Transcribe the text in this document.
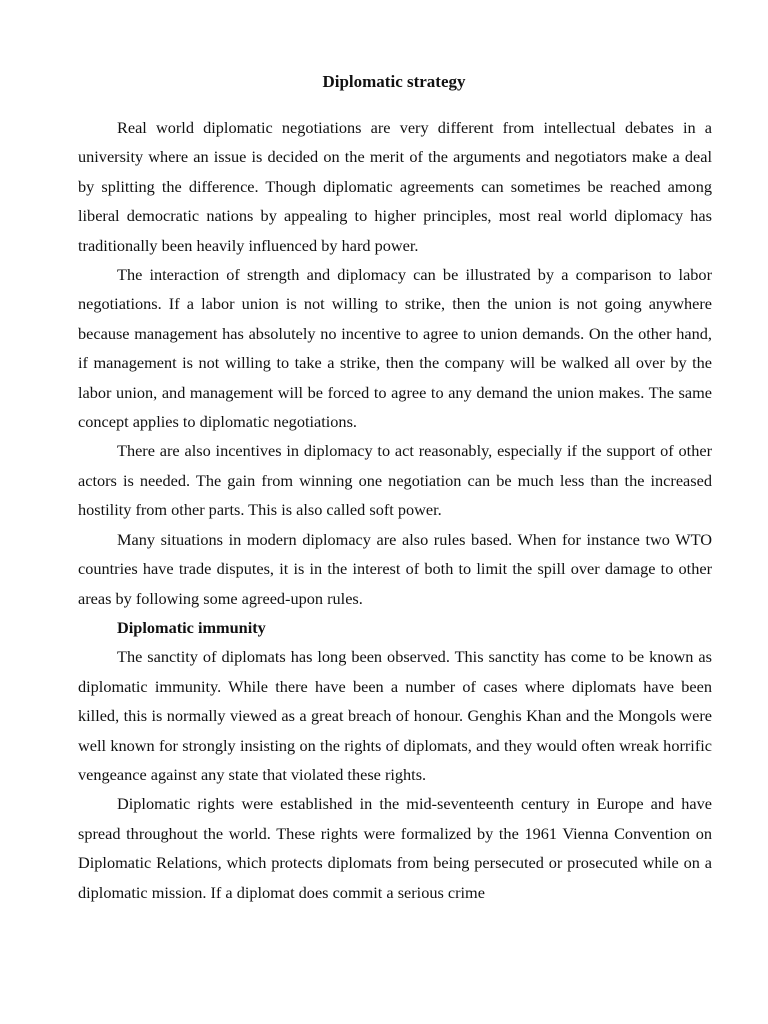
Diplomatic strategy

Real world diplomatic negotiations are very different from intellectual debates in a university where an issue is decided on the merit of the arguments and negotiators make a deal by splitting the difference. Though diplomatic agreements can sometimes be reached among liberal democratic nations by appealing to higher principles, most real world diplomacy has traditionally been heavily influenced by hard power.

The interaction of strength and diplomacy can be illustrated by a comparison to labor negotiations. If a labor union is not willing to strike, then the union is not going anywhere because management has absolutely no incentive to agree to union demands. On the other hand, if management is not willing to take a strike, then the company will be walked all over by the labor union, and management will be forced to agree to any demand the union makes. The same concept applies to diplomatic negotiations.

There are also incentives in diplomacy to act reasonably, especially if the support of other actors is needed. The gain from winning one negotiation can be much less than the increased hostility from other parts. This is also called soft power.

Many situations in modern diplomacy are also rules based. When for instance two WTO countries have trade disputes, it is in the interest of both to limit the spill over damage to other areas by following some agreed-upon rules.

Diplomatic immunity

The sanctity of diplomats has long been observed. This sanctity has come to be known as diplomatic immunity. While there have been a number of cases where diplomats have been killed, this is normally viewed as a great breach of honour. Genghis Khan and the Mongols were well known for strongly insisting on the rights of diplomats, and they would often wreak horrific vengeance against any state that violated these rights.

Diplomatic rights were established in the mid-seventeenth century in Europe and have spread throughout the world. These rights were formalized by the 1961 Vienna Convention on Diplomatic Relations, which protects diplomats from being persecuted or prosecuted while on a diplomatic mission. If a diplomat does commit a serious crime
